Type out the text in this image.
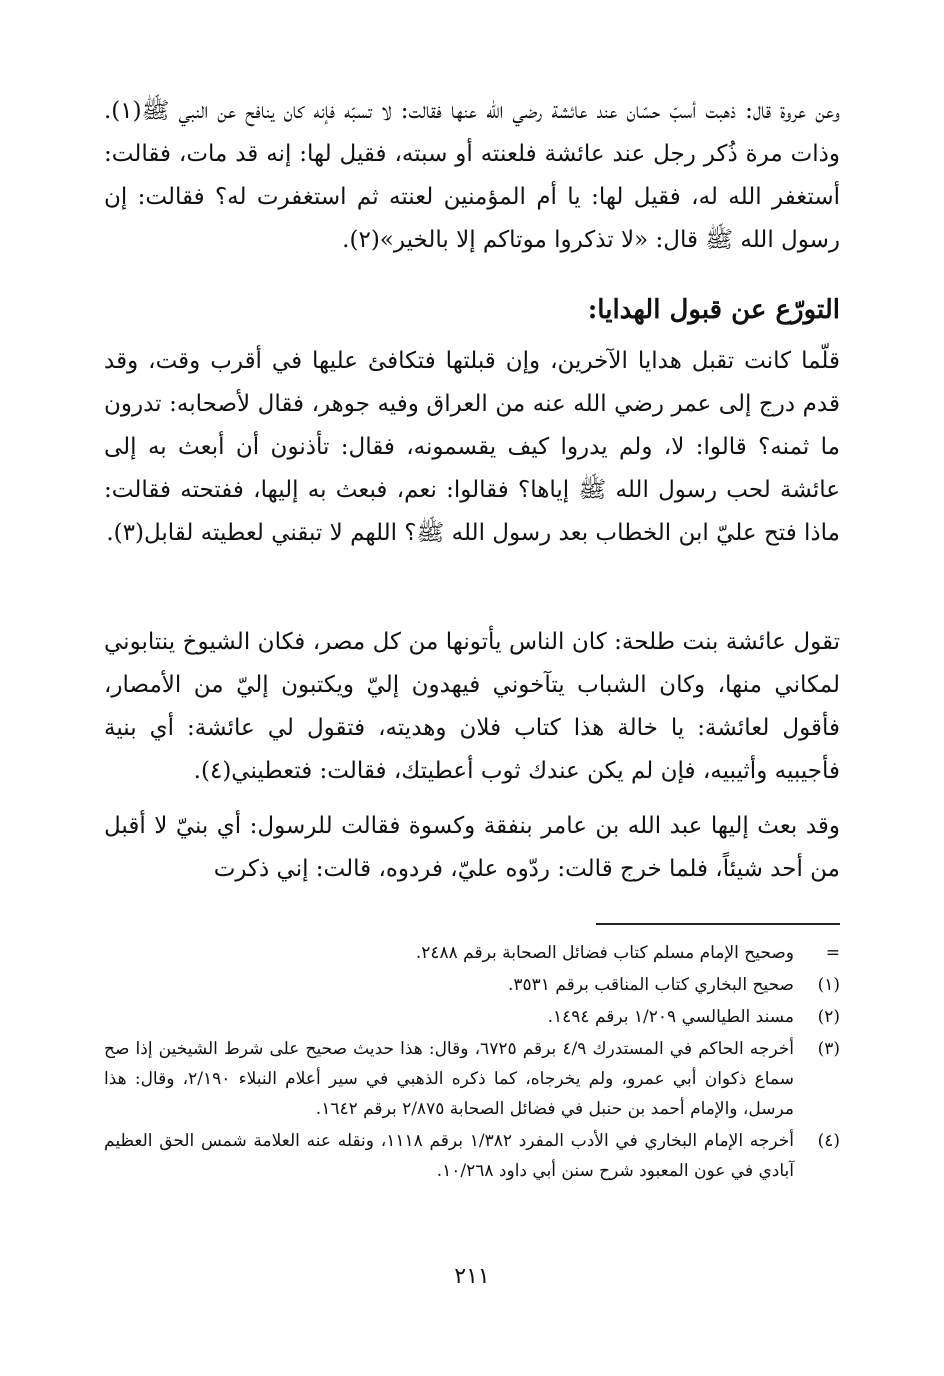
وعن عروة قال: ذهبت أسبّ حسّان عند عائشة رضي الله عنها فقالت: لا تسبّه فإنه كان ينافح عن النبي ﷺ(١). وذات مرة ذُكر رجل عند عائشة فلعنته أو سبته، فقيل لها: إنه قد مات، فقالت: أستغفر الله له، فقيل لها: يا أم المؤمنين لعنته ثم استغفرت له؟ فقالت: إن رسول الله ﷺ قال: «لا تذكروا موتاكم إلا بالخير»(٢).

التورّع عن قبول الهدايا:

قلّما كانت تقبل هدايا الآخرين، وإن قبلتها فتكافئ عليها في أقرب وقت، وقد قدم درج إلى عمر رضي الله عنه من العراق وفيه جوهر، فقال لأصحابه: تدرون ما ثمنه؟ قالوا: لا، ولم يدروا كيف يقسمونه، فقال: تأذنون أن أبعث به إلى عائشة لحب رسول الله ﷺ إياها؟ فقالوا: نعم، فبعث به إليها، ففتحته فقالت: ماذا فتح عليّ ابن الخطاب بعد رسول الله ﷺ؟ اللهم لا تبقني لعطيته لقابل(٣).

تقول عائشة بنت طلحة: كان الناس يأتونها من كل مصر، فكان الشيوخ ينتابوني لمكاني منها، وكان الشباب يتآخوني فيهدون إليّ ويكتبون إليّ من الأمصار، فأقول لعائشة: يا خالة هذا كتاب فلان وهديته، فتقول لي عائشة: أي بنية فأجيبيه وأثيبيه، فإن لم يكن عندك ثوب أعطيتك، فقالت: فتعطيني(٤).

وقد بعث إليها عبد الله بن عامر بنفقة وكسوة فقالت للرسول: أي بنيّ لا أقبل من أحد شيئاً، فلما خرج قالت: ردّوه عليّ، فردوه، قالت: إني ذكرت

=
وصحيح الإمام مسلم كتاب فضائل الصحابة برقم ٢٤٨٨.
(١)
صحيح البخاري كتاب المناقب برقم ٣٥٣١.
(٢)
مسند الطيالسي ١/٢٠٩ برقم ١٤٩٤.
(٣)
أخرجه الحاكم في المستدرك ٤/٩ برقم ٦٧٢٥، وقال: هذا حديث صحيح على شرط الشيخين إذا صح سماع ذكوان أبي عمرو، ولم يخرجاه، كما ذكره الذهبي في سير أعلام النبلاء ٢/١٩٠، وقال: هذا مرسل، والإمام أحمد بن حنبل في فضائل الصحابة ٢/٨٧٥ برقم ١٦٤٢.
(٤)
أخرجه الإمام البخاري في الأدب المفرد ١/٣٨٢ برقم ١١١٨، ونقله عنه العلامة شمس الحق العظيم آبادي في عون المعبود شرح سنن أبي داود ١٠/٢٦٨.
٢١١
